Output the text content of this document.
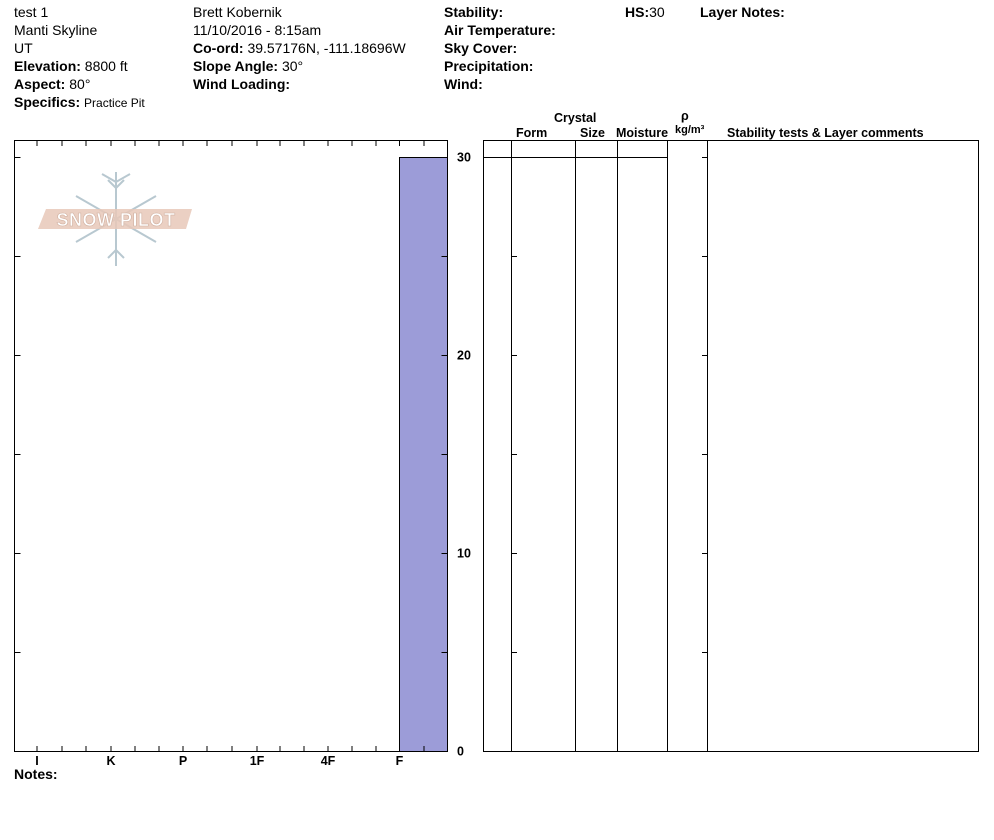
test 1
Manti Skyline
UT
Elevation: 8800 ft
Aspect: 80°
Specifics: Practice Pit
Brett Kobernik
11/10/2016 - 8:15am
Co-ord: 39.57176N, -111.18696W
Slope Angle: 30°
Wind Loading:
Stability:
Air Temperature:
Sky Cover:
Precipitation:
Wind:
HS:30	Layer Notes:
Crystal
Form	Size Moisture
ρ
kg/m³ Stability tests & Layer comments
SNOW PILOT
I	K	P	1F	4F	F
0
10
20
30
Notes:
